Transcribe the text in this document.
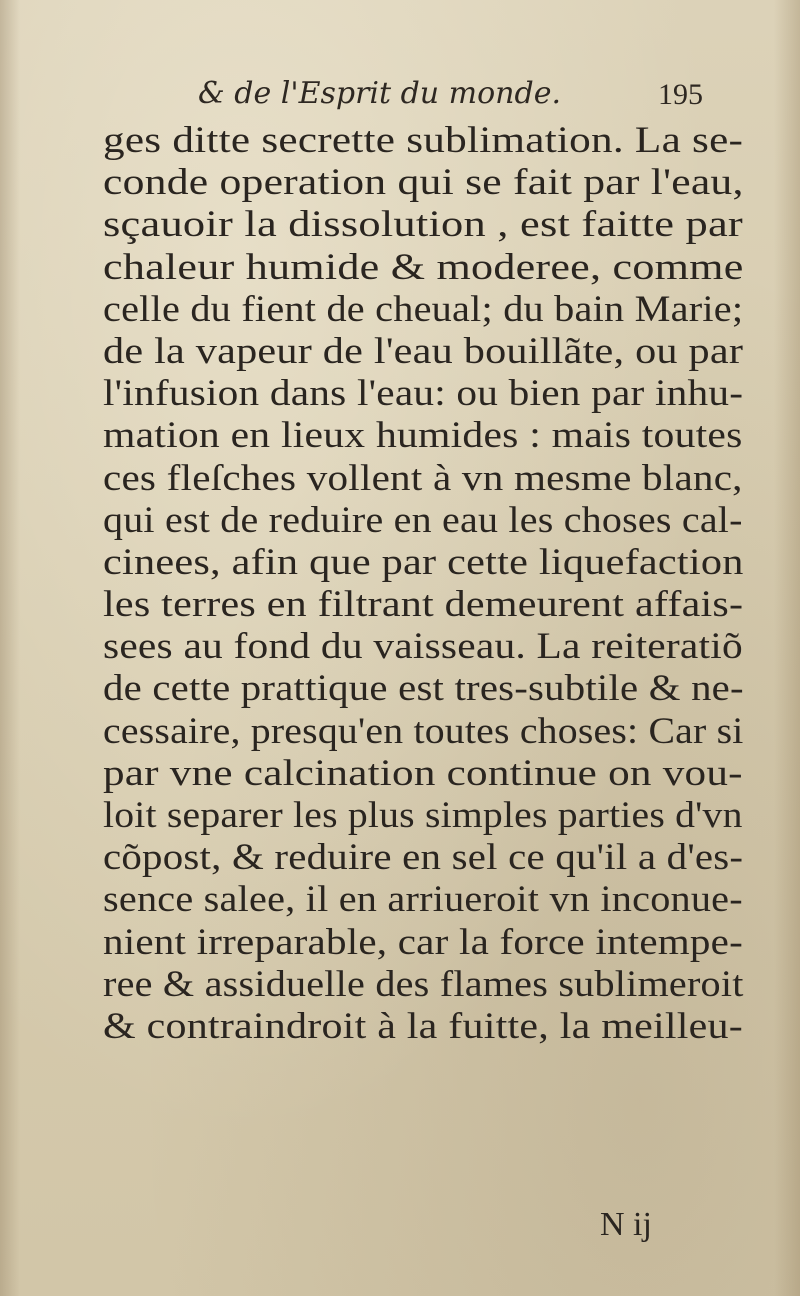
& de l'Esprit du monde.	195
ges ditte secrette sublimation. La se-
conde operation qui se fait par l'eau,
sçauoir la dissolution , est faitte par
chaleur humide & moderee, comme
celle du fient de cheual; du bain Marie;
de la vapeur de l'eau bouillãte, ou par
l'infusion dans l'eau: ou bien par inhu-
mation en lieux humides : mais toutes
ces fleſches vollent à vn mesme blanc,
qui est de reduire en eau les choses cal-
cinees, afin que par cette liquefaction
les terres en filtrant demeurent affais-
sees au fond du vaisseau. La reiteratiõ
de cette prattique est tres-subtile & ne-
cessaire, presqu'en toutes choses: Car si
par vne calcination continue on vou-
loit separer les plus simples parties d'vn
cõpost, & reduire en sel ce qu'il a d'es-
sence salee, il en arriueroit vn inconue-
nient irreparable, car la force intempe-
ree & assiduelle des flames sublimeroit
& contraindroit à la fuitte, la meilleu-
N ij
